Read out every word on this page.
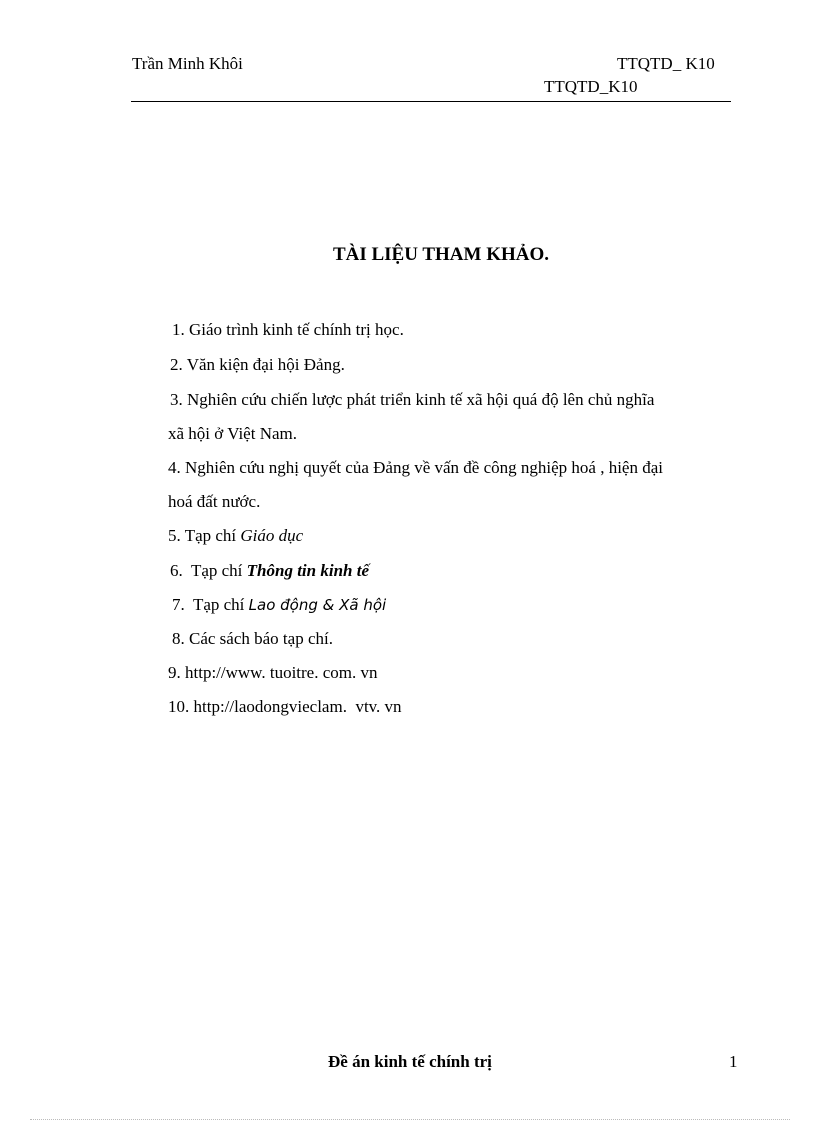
Trần Minh Khôi	TTQTD_ K10
TTQTD_K10
TÀI LIỆU THAM KHẢO.
1. Giáo trình kinh tế chính trị học.
2. Văn kiện đại hội Đảng.
3. Nghiên cứu chiến lược phát triển kinh tế xã hội quá độ lên chủ nghĩa
xã hội ở Việt Nam.
4. Nghiên cứu nghị quyết của Đảng về vấn đề công nghiệp hoá , hiện đại
hoá đất nước.
5. Tạp chí Giáo dục
6.  Tạp chí Thông tin kinh tế
7.  Tạp chí Lao động & Xã hội
8. Các sách báo tạp chí.
9. http://www. tuoitre. com. vn
10. http://laodongvieclam.  vtv. vn
Đề án kinh tế chính trị	1
